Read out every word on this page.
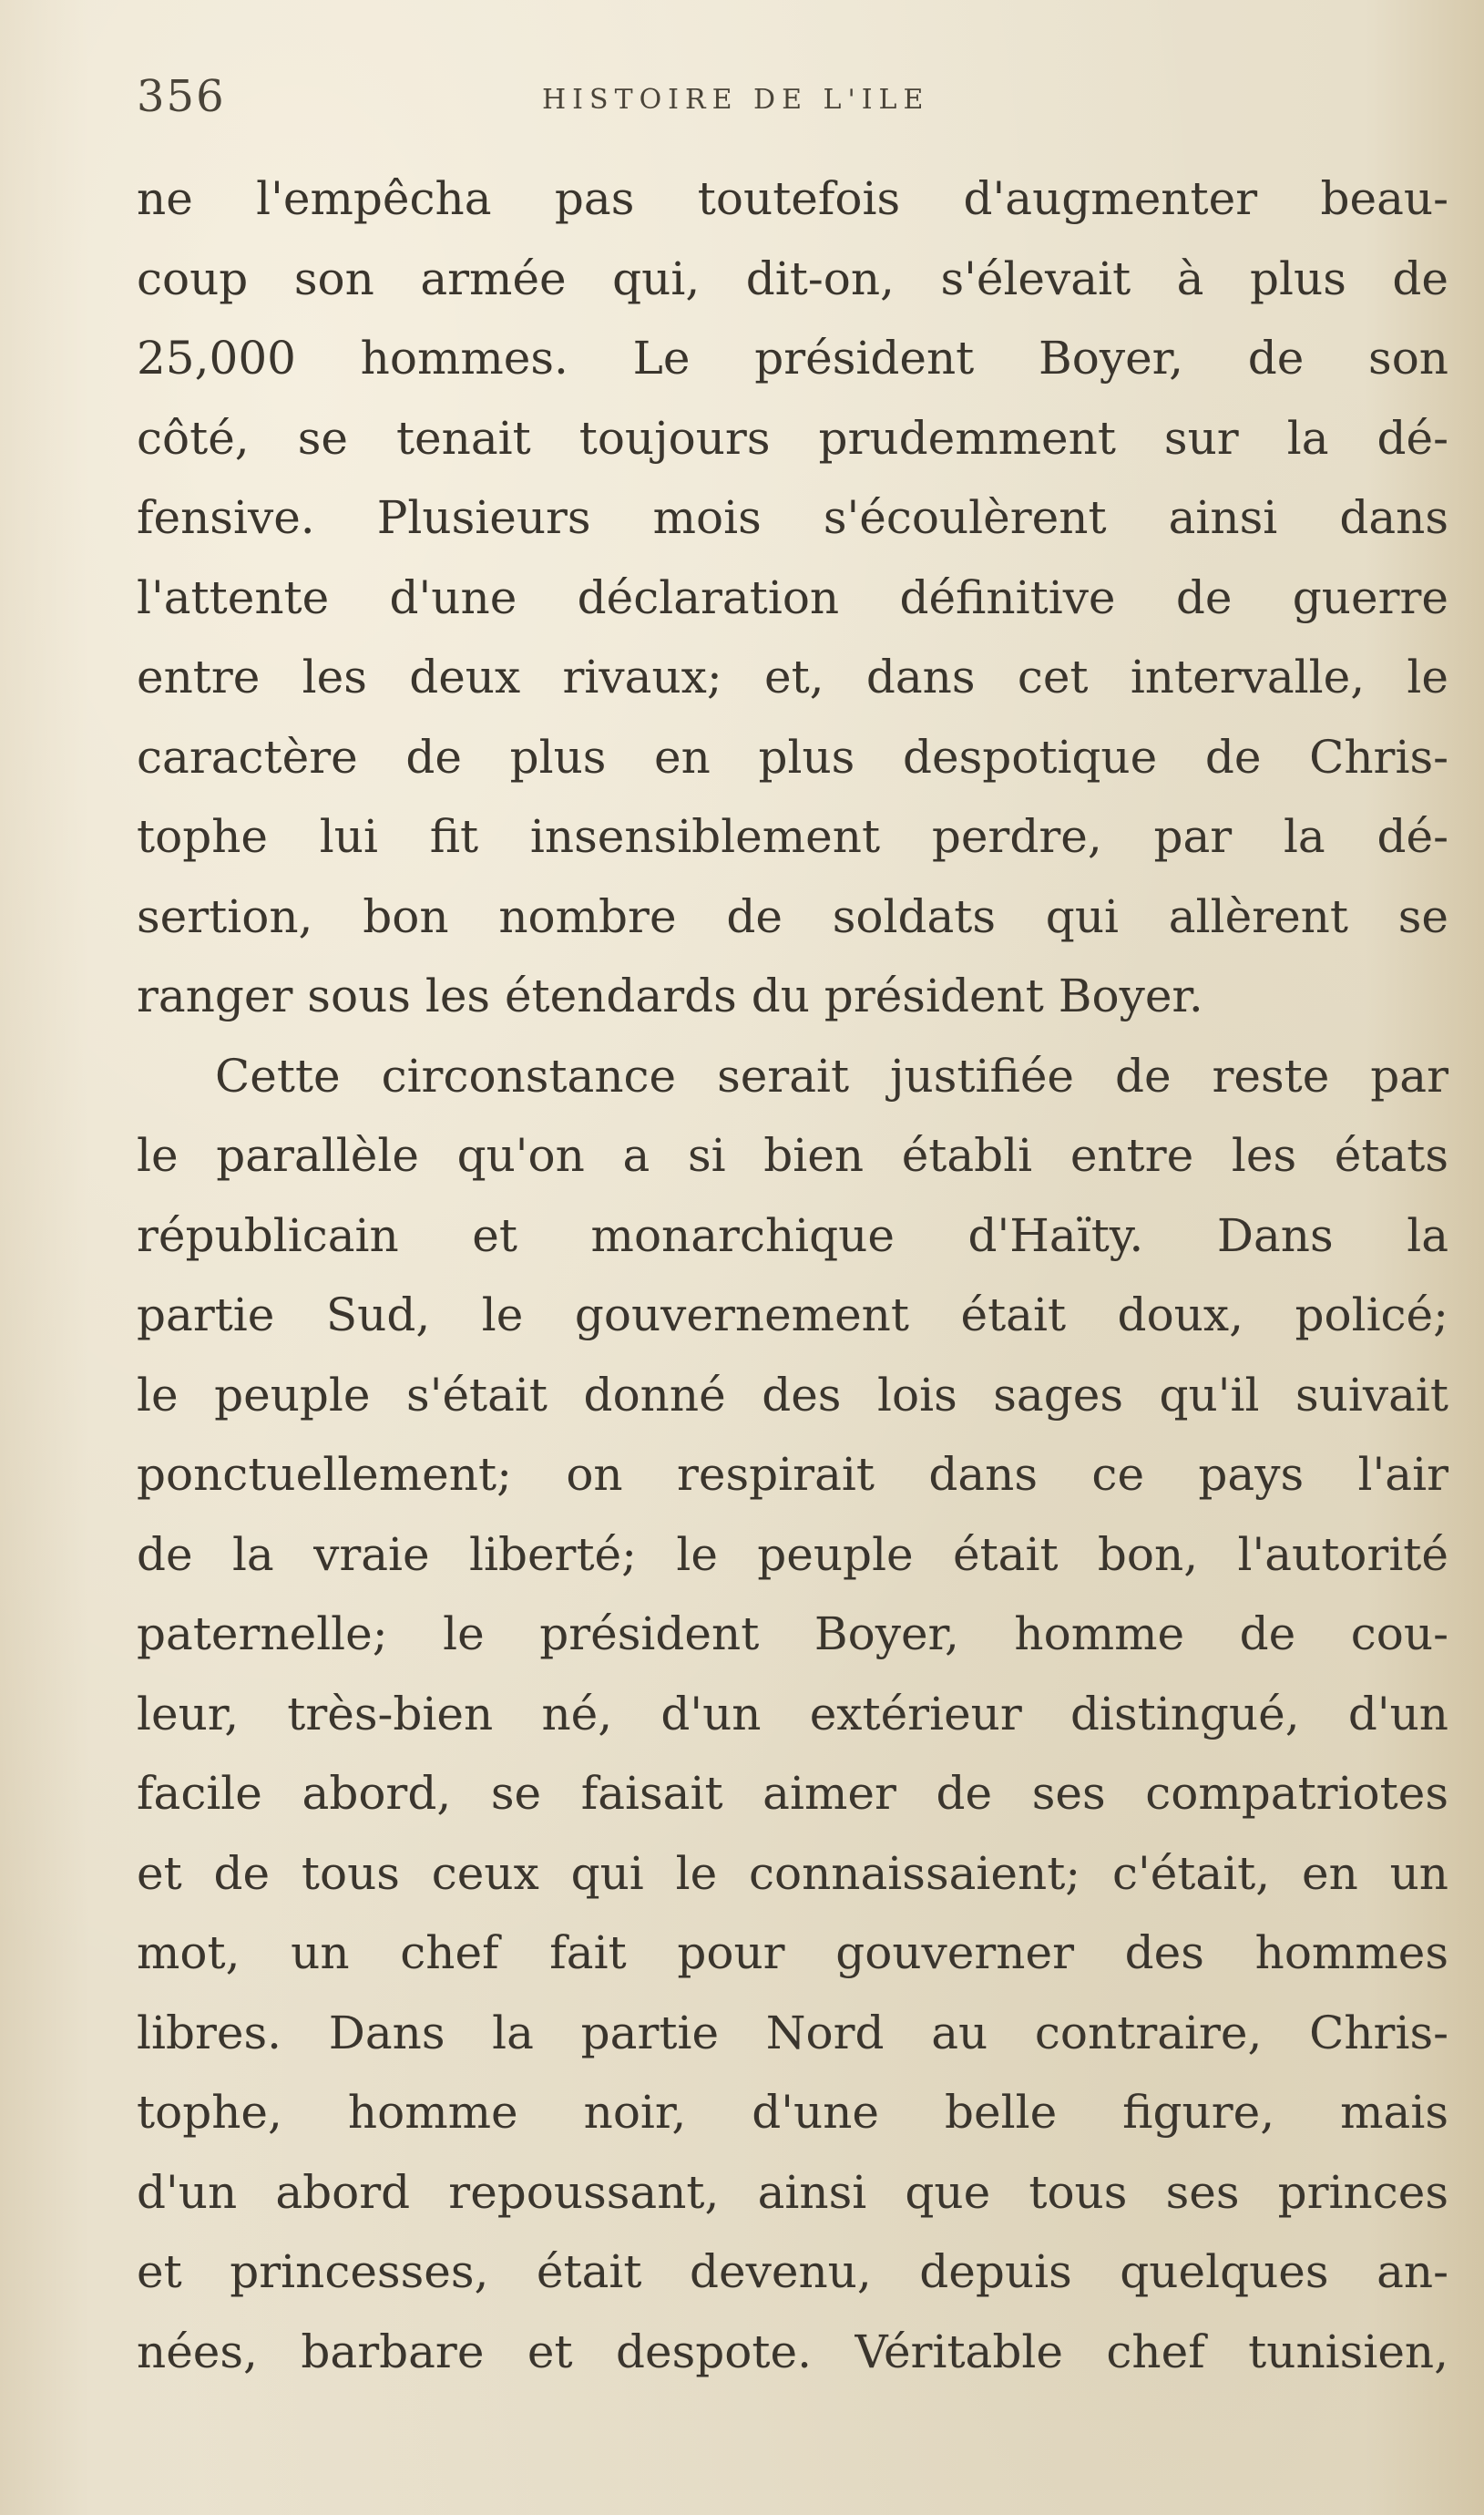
356	HISTOIRE DE L'ILE
ne l'empêcha pas toutefois d'augmenter beau-
coup son armée qui, dit-on, s'élevait à plus de
25,000 hommes. Le président Boyer, de son
côté, se tenait toujours prudemment sur la dé-
fensive. Plusieurs mois s'écoulèrent ainsi dans
l'attente d'une déclaration définitive de guerre
entre les deux rivaux; et, dans cet intervalle, le
caractère de plus en plus despotique de Chris-
tophe lui fit insensiblement perdre, par la dé-
sertion, bon nombre de soldats qui allèrent se
ranger sous les étendards du président Boyer.
Cette circonstance serait justifiée de reste par
le parallèle qu'on a si bien établi entre les états
républicain et monarchique d'Haïty. Dans la
partie Sud, le gouvernement était doux, policé;
le peuple s'était donné des lois sages qu'il suivait
ponctuellement; on respirait dans ce pays l'air
de la vraie liberté; le peuple était bon, l'autorité
paternelle; le président Boyer, homme de cou-
leur, très-bien né, d'un extérieur distingué, d'un
facile abord, se faisait aimer de ses compatriotes
et de tous ceux qui le connaissaient; c'était, en un
mot, un chef fait pour gouverner des hommes
libres. Dans la partie Nord au contraire, Chris-
tophe, homme noir, d'une belle figure, mais
d'un abord repoussant, ainsi que tous ses princes
et princesses, était devenu, depuis quelques an-
nées, barbare et despote. Véritable chef tunisien,
